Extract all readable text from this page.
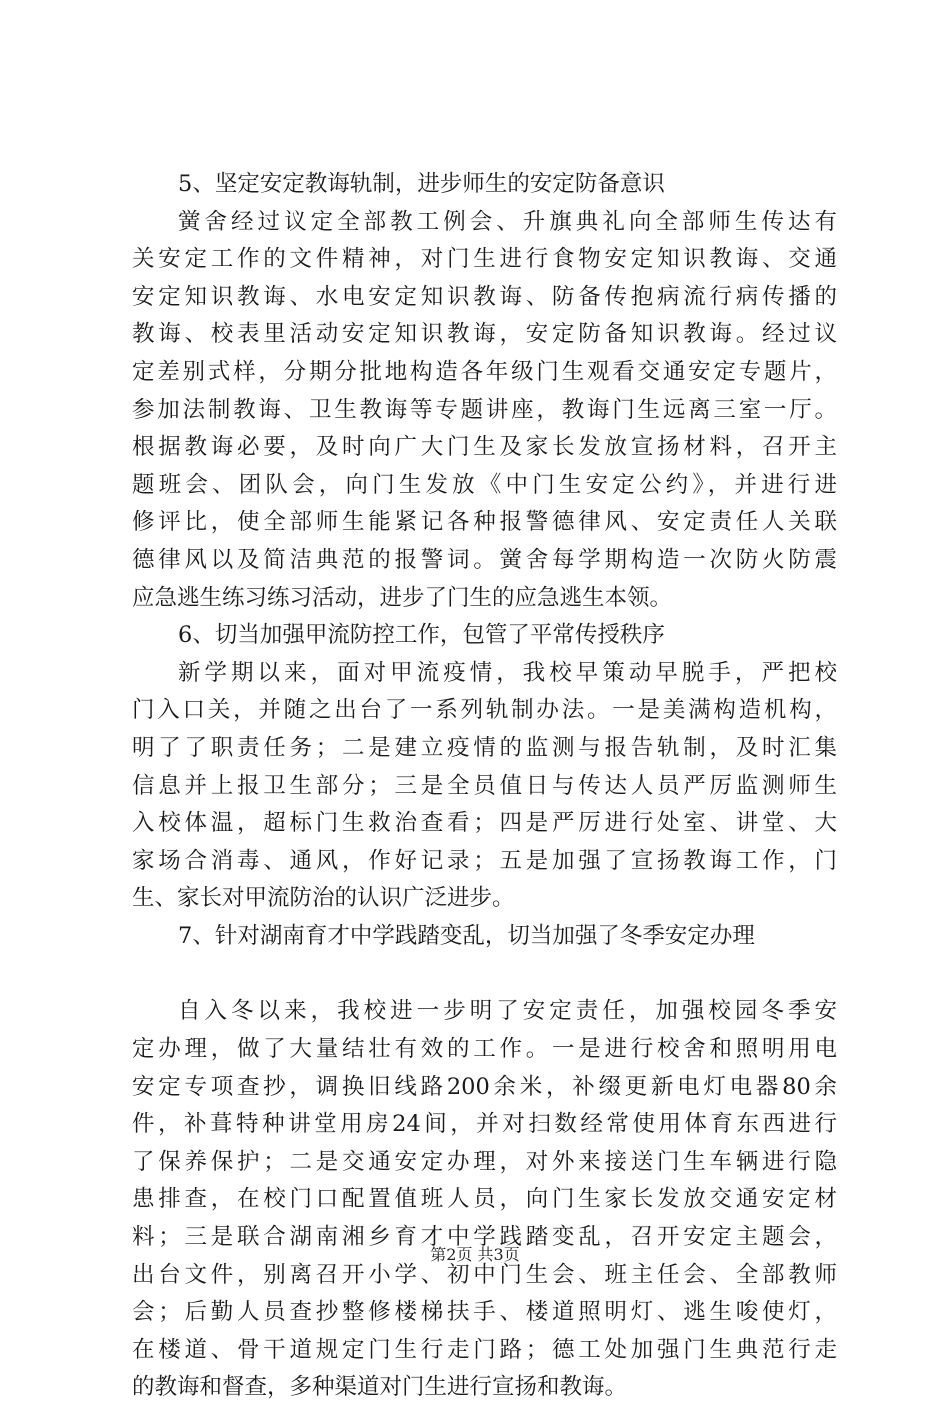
5、坚定安定教诲轨制，进步师生的安定防备意识
黉舍经过议定全部教工例会、升旗典礼向全部师生传达有
关安定工作的文件精神，对门生进行食物安定知识教诲、交通
安定知识教诲、水电安定知识教诲、防备传抱病流行病传播的
教诲、校表里活动安定知识教诲，安定防备知识教诲。经过议
定差别式样，分期分批地构造各年级门生观看交通安定专题片，
参加法制教诲、卫生教诲等专题讲座，教诲门生远离三室一厅。
根据教诲必要，及时向广大门生及家长发放宣扬材料，召开主
题班会、团队会，向门生发放《中门生安定公约》，并进行进
修评比，使全部师生能紧记各种报警德律风、安定责任人关联
德律风以及简洁典范的报警词。黉舍每学期构造一次防火防震
应急逃生练习练习活动，进步了门生的应急逃生本领。
6、切当加强甲流防控工作，包管了平常传授秩序
新学期以来，面对甲流疫情，我校早策动早脱手，严把校
门入口关，并随之出台了一系列轨制办法。一是美满构造机构，
明了了职责任务；二是建立疫情的监测与报告轨制，及时汇集
信息并上报卫生部分；三是全员值日与传达人员严厉监测师生
入校体温，超标门生救治查看；四是严厉进行处室、讲堂、大
家场合消毒、通风，作好记录；五是加强了宣扬教诲工作，门
生、家长对甲流防治的认识广泛进步。
7、针对湖南育才中学践踏变乱，切当加强了冬季安定办理
自入冬以来，我校进一步明了安定责任，加强校园冬季安
定办理，做了大量结壮有效的工作。一是进行校舍和照明用电
安定专项查抄，调换旧线路200余米，补缀更新电灯电器80余
件，补葺特种讲堂用房24间，并对扫数经常使用体育东西进行
了保养保护；二是交通安定办理，对外来接送门生车辆进行隐
患排查，在校门口配置值班人员，向门生家长发放交通安定材
料；三是联合湖南湘乡育才中学践踏变乱，召开安定主题会，
出台文件，别离召开小学、初中门生会、班主任会、全部教师
会；后勤人员查抄整修楼梯扶手、楼道照明灯、逃生唆使灯，
在楼道、骨干道规定门生行走门路；德工处加强门生典范行走
的教诲和督查，多种渠道对门生进行宣扬和教诲。
第2页 共3页
